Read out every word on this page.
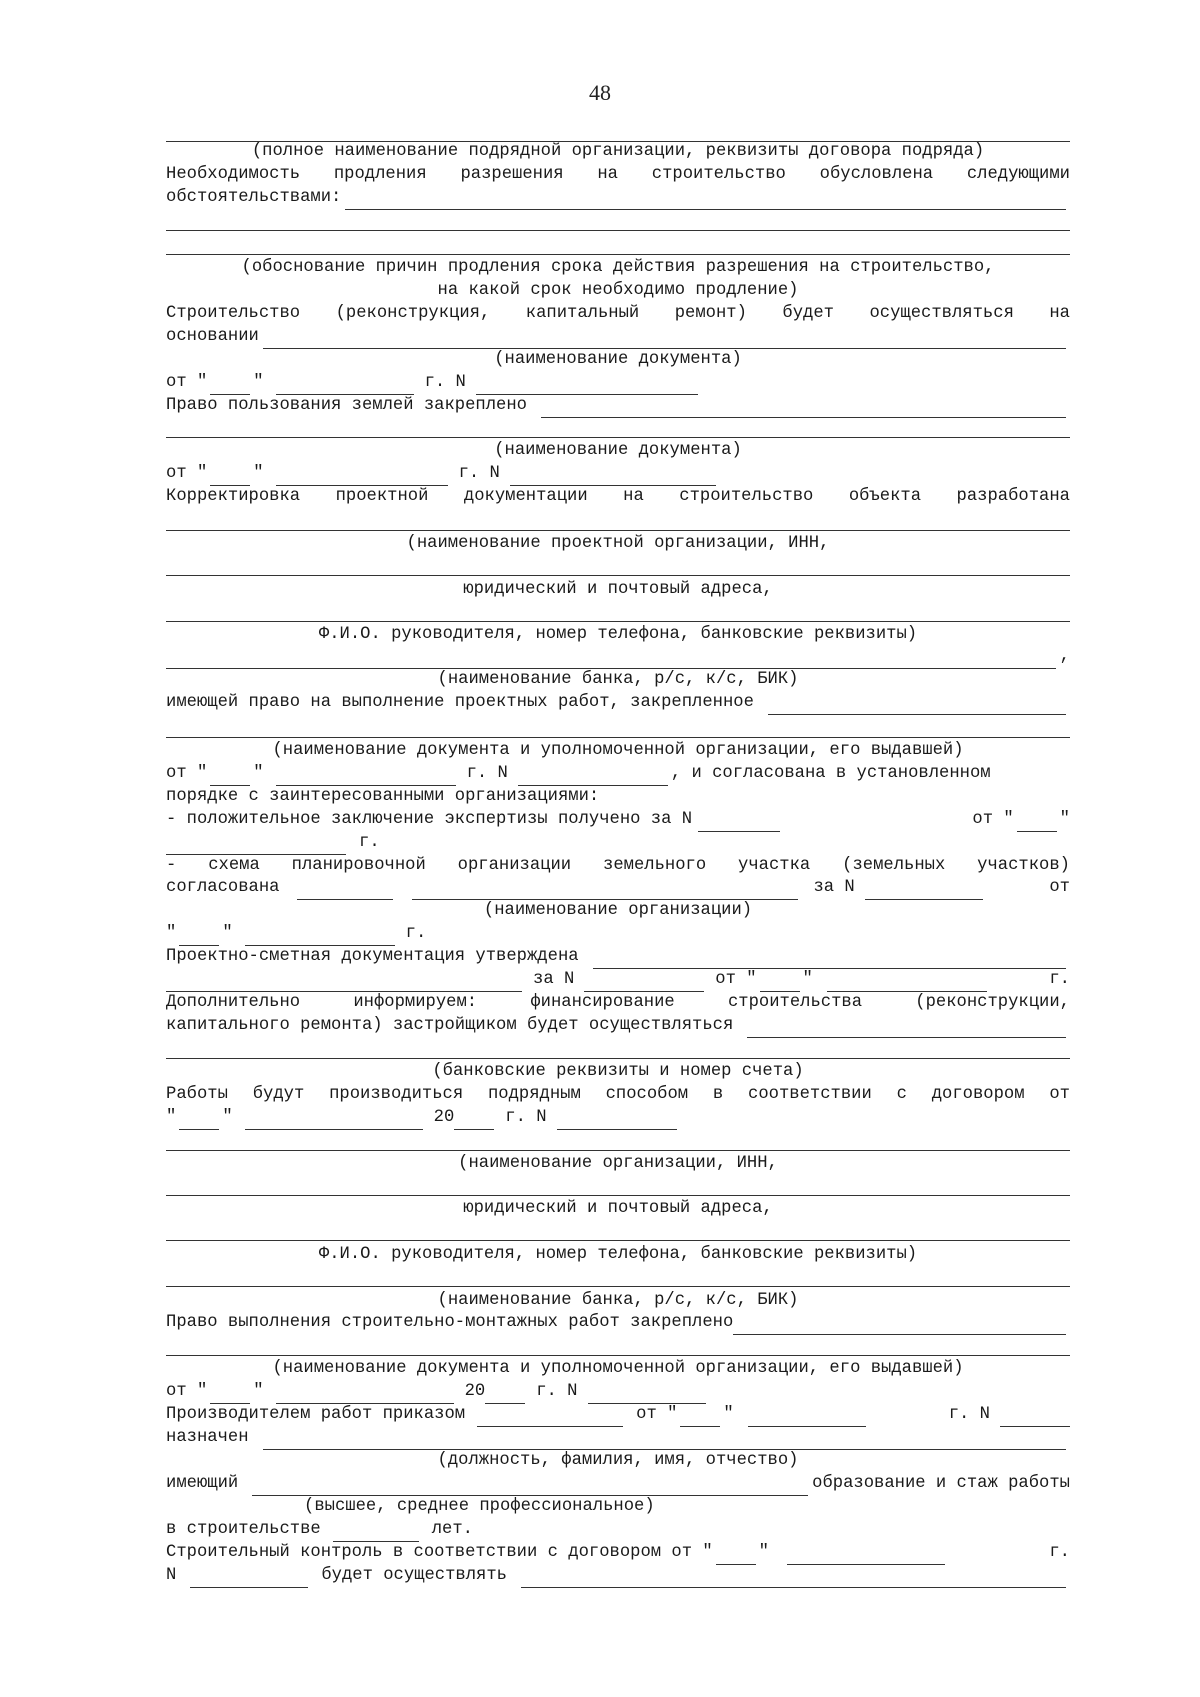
48
(полное наименование подрядной организации, реквизиты договора подряда)
Необходимость продления разрешения на строительство обусловлена следующими
обстоятельствами:
(обоснование причин продления срока действия разрешения на строительство,
на какой срок необходимо продление)
Строительство (реконструкция, капитальный ремонт) будет осуществляться на
основании
(наименование документа)
от "	"	г. N
Право пользования землей закреплено
(наименование документа)
от "	"	г. N
Корректировка проектной документации на строительство объекта разработана
(наименование проектной организации, ИНН,
юридический и почтовый адреса,
Ф.И.О. руководителя, номер телефона, банковские реквизиты)
,
(наименование банка, р/с, к/с, БИК)
имеющей право на выполнение проектных работ, закрепленное
(наименование документа и уполномоченной организации, его выдавшей)
от "	"	г. N	, и согласована в установленном
порядке с заинтересованными организациями:
- положительное заключение экспертизы получено за N	от "	"
г.
- схема планировочной организации земельного участка (земельных участков)
согласована	за N	от
(наименование организации)
"	"	г.
Проектно-сметная документация утверждена
за N	от "	"	г.
Дополнительно информируем: финансирование строительства (реконструкции,
капитального ремонта) застройщиком будет осуществляться
(банковские реквизиты и номер счета)
Работы будут производиться подрядным способом в соответствии с договором от
"	"	20	г. N
(наименование организации, ИНН,
юридический и почтовый адреса,
Ф.И.О. руководителя, номер телефона, банковские реквизиты)
(наименование банка, р/с, к/с, БИК)
Право выполнения строительно-монтажных работ закреплено
(наименование документа и уполномоченной организации, его выдавшей)
от "	"	20	г. N
Производителем работ приказом	от "	"	г. N
назначен
(должность, фамилия, имя, отчество)
имеющий	образование и стаж работы
(высшее, среднее профессиональное)
в строительстве	лет.
Строительный контроль в соответствии с договором от "	"	г.
N	будет осуществлять
